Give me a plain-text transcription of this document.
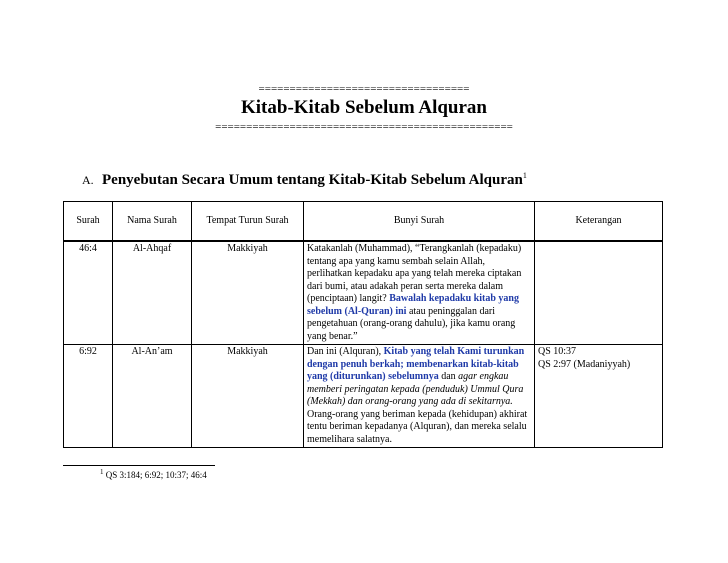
==================================
Kitab-Kitab Sebelum Alquran
================================================
A. Penyebutan Secara Umum tentang Kitab-Kitab Sebelum Alquran$^1$
Surah	Nama Surah	Tempat Turun Surah	Bunyi Surah	Keterangan
46:4	Al-Ahqaf	Makkiyah	Katakanlah (Muhammad), “Terangkanlah (kepadaku) tentang apa yang kamu sembah selain Allah, perlihatkan kepadaku apa yang telah mereka ciptakan dari bumi, atau adakah peran serta mereka dalam (penciptaan) langit? Bawalah kepadaku kitab yang sebelum (Al-Quran) ini atau peninggalan dari pengetahuan (orang-orang dahulu), jika kamu orang yang benar.”	
6:92	Al-An’am	Makkiyah	Dan ini (Alquran), Kitab yang telah Kami turunkan dengan penuh berkah; membenarkan kitab-kitab yang (diturunkan) sebelumnya dan agar engkau memberi peringatan kepada (penduduk) Ummul Qura (Mekkah) dan orang-orang yang ada di sekitarnya. Orang-orang yang beriman kepada (kehidupan) akhirat tentu beriman kepadanya (Alquran), dan mereka selalu memelihara salatnya.	QS 10:37
QS 2:97 (Madaniyyah)
$^1$ QS 3:184; 6:92; 10:37; 46:4
